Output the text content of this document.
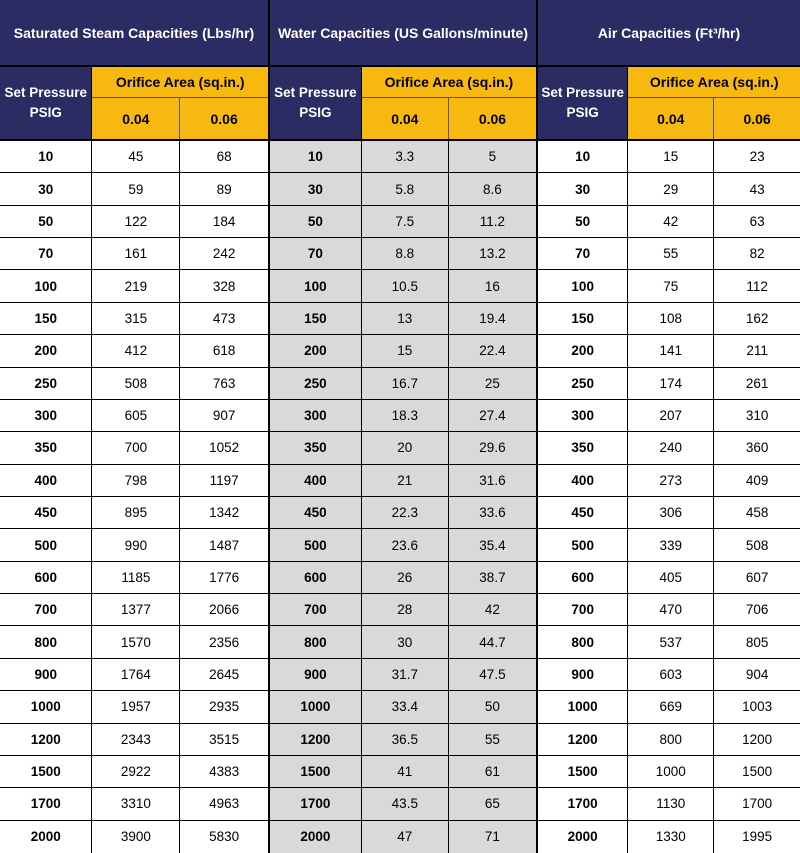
Saturated Steam Capacities (Lbs/hr)
Set Pressure PSIG
Orifice Area (sq.in.)
0.04	0.06
10	45	68
30	59	89
50	122	184
70	161	242
100	219	328
150	315	473
200	412	618
250	508	763
300	605	907
350	700	1052
400	798	1197
450	895	1342
500	990	1487
600	1185	1776
700	1377	2066
800	1570	2356
900	1764	2645
1000	1957	2935
1200	2343	3515
1500	2922	4383
1700	3310	4963
2000	3900	5830
Water Capacities (US Gallons/minute)
Set Pressure PSIG
Orifice Area (sq.in.)
0.04	0.06
10	3.3	5
30	5.8	8.6
50	7.5	11.2
70	8.8	13.2
100	10.5	16
150	13	19.4
200	15	22.4
250	16.7	25
300	18.3	27.4
350	20	29.6
400	21	31.6
450	22.3	33.6
500	23.6	35.4
600	26	38.7
700	28	42
800	30	44.7
900	31.7	47.5
1000	33.4	50
1200	36.5	55
1500	41	61
1700	43.5	65
2000	47	71
Air Capacities (Ft³/hr)
Set Pressure PSIG
Orifice Area (sq.in.)
0.04	0.06
10	15	23
30	29	43
50	42	63
70	55	82
100	75	112
150	108	162
200	141	211
250	174	261
300	207	310
350	240	360
400	273	409
450	306	458
500	339	508
600	405	607
700	470	706
800	537	805
900	603	904
1000	669	1003
1200	800	1200
1500	1000	1500
1700	1130	1700
2000	1330	1995
